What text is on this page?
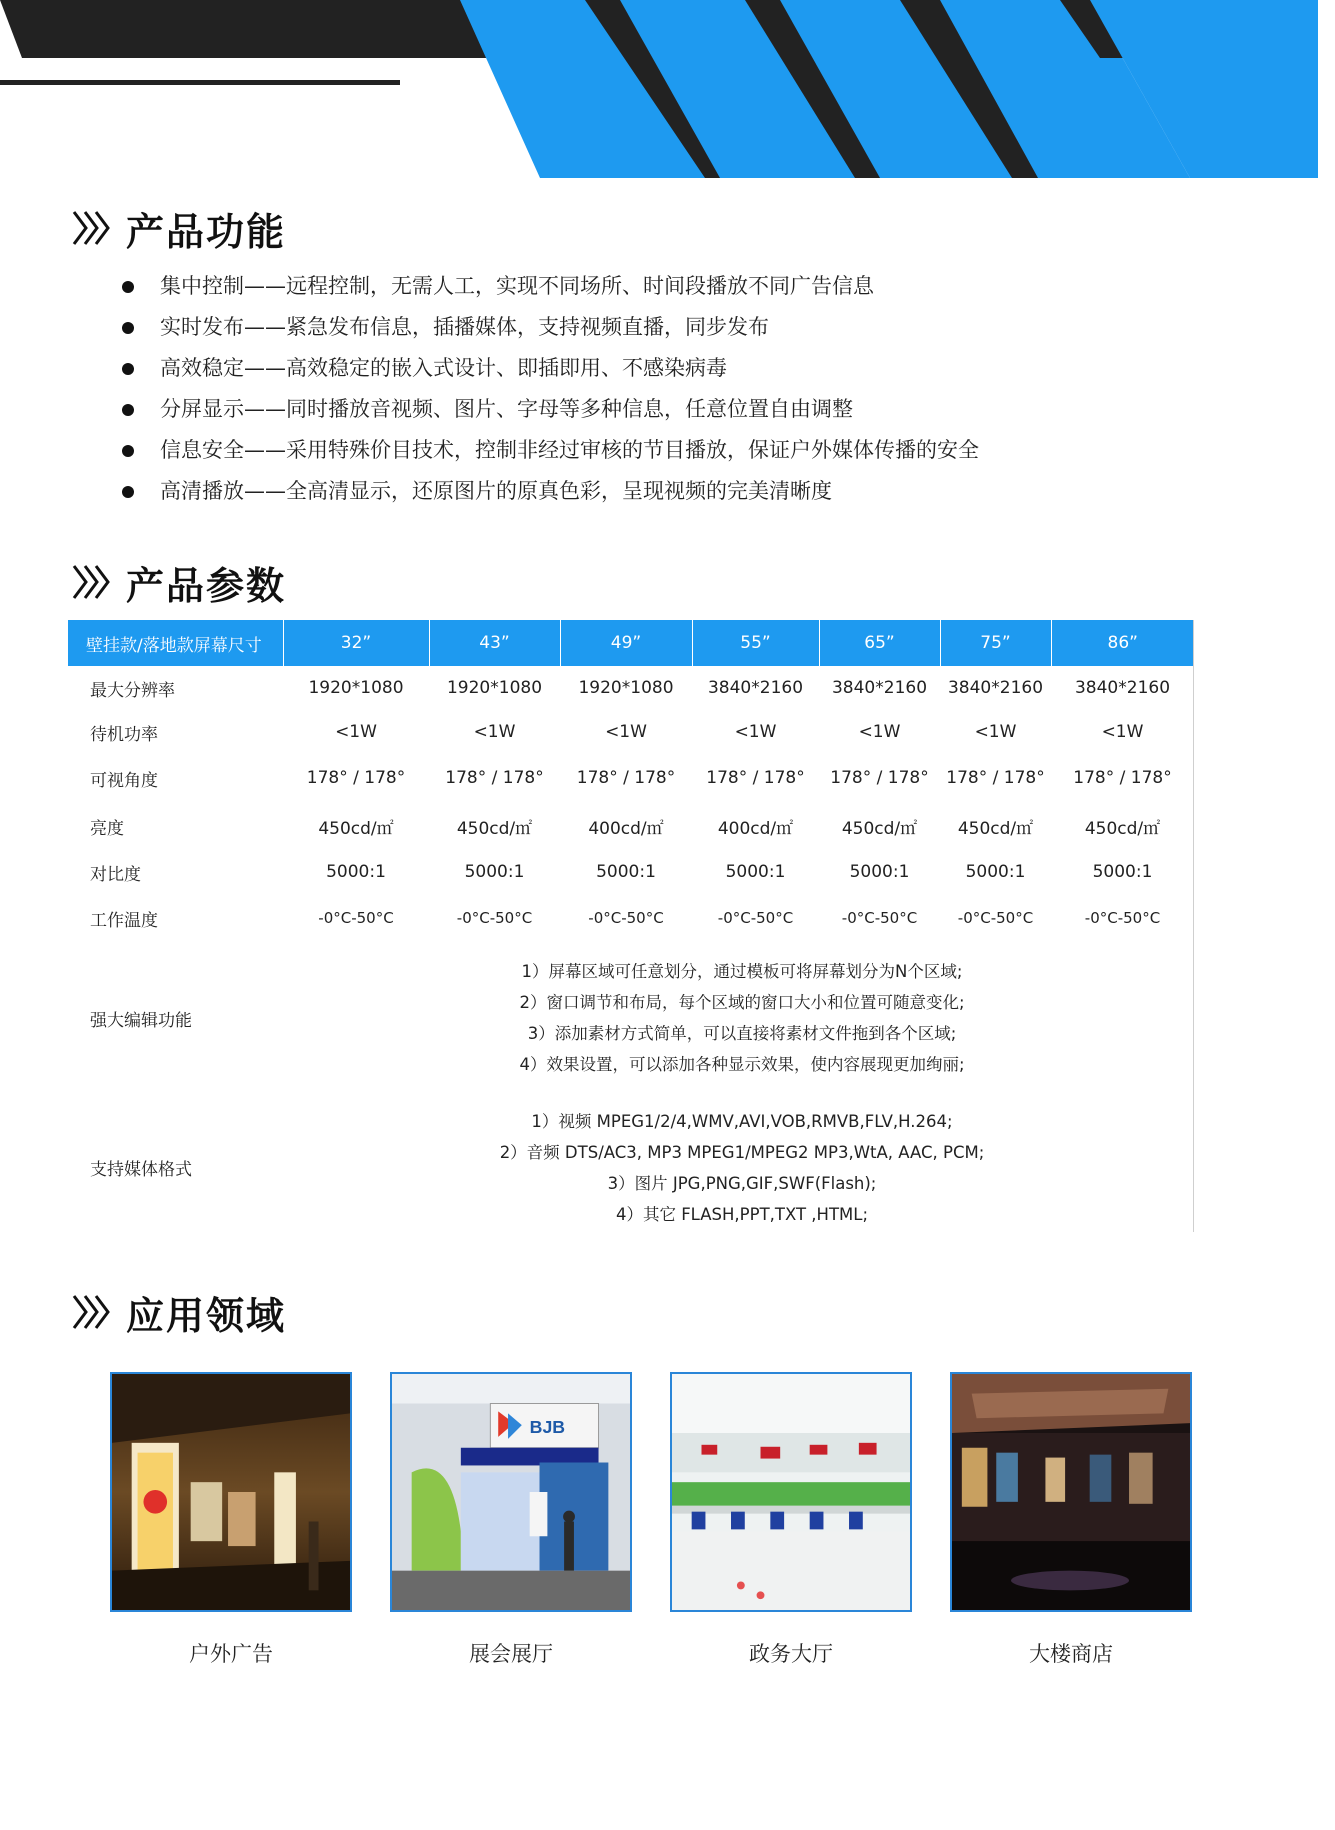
产品功能
集中控制——远程控制，无需人工，实现不同场所、时间段播放不同广告信息
实时发布——紧急发布信息，插播媒体，支持视频直播，同步发布
高效稳定——高效稳定的嵌入式设计、即插即用、不感染病毒
分屏显示——同时播放音视频、图片、字母等多种信息，任意位置自由调整
信息安全——采用特殊价目技术，控制非经过审核的节目播放，保证户外媒体传播的安全
高清播放——全高清显示，还原图片的原真色彩，呈现视频的完美清晰度
产品参数
壁挂款/落地款屏幕尺寸	32”	43”	49”	55”	65”	75”	86”
最大分辨率	1920*1080	1920*1080	1920*1080	3840*2160	3840*2160	3840*2160	3840*2160
待机功率	<1W	<1W	<1W	<1W	<1W	<1W	<1W
可视角度	178° / 178°	178° / 178°	178° / 178°	178° / 178°	178° / 178°	178° / 178°	178° / 178°
亮度	450cd/㎡	450cd/㎡	400cd/㎡	400cd/㎡	450cd/㎡	450cd/㎡	450cd/㎡
对比度	5000:1	5000:1	5000:1	5000:1	5000:1	5000:1	5000:1
工作温度	-0°C-50°C	-0°C-50°C	-0°C-50°C	-0°C-50°C	-0°C-50°C	-0°C-50°C	-0°C-50°C
强大编辑功能	1）屏幕区域可任意划分，通过模板可将屏幕划分为N个区域;
2）窗口调节和布局，每个区域的窗口大小和位置可随意变化;
3）添加素材方式简单，可以直接将素材文件拖到各个区域;
4）效果设置，可以添加各种显示效果，使内容展现更加绚丽;						

支持媒体格式	1）视频 MPEG1/2/4,WMV,AVI,VOB,RMVB,FLV,H.264;
2）音频 DTS/AC3, MP3 MPEG1/MPEG2 MP3,WtA, AAC, PCM;
3）图片 JPG,PNG,GIF,SWF(Flash);
4）其它 FLASH,PPT,TXT ,HTML;						
应用领域
户外广告
BJB
展会展厅	政务大厅	大楼商店
